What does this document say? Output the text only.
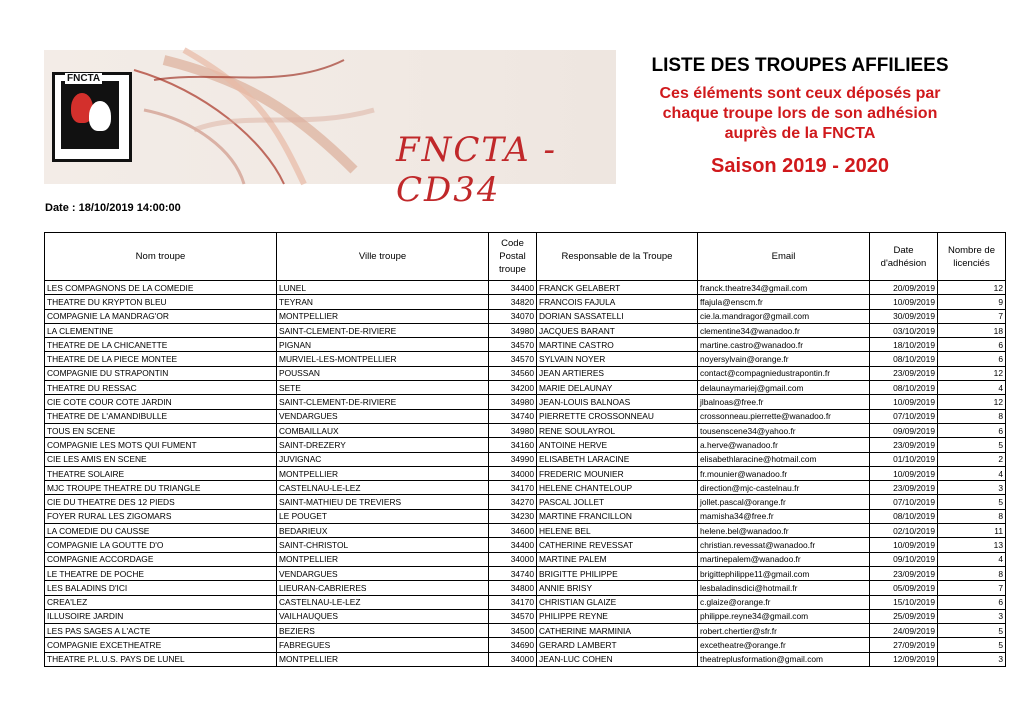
FNCTA
FNCTA - CD34

LISTE DES TROUPES AFFILIEES

Ces éléments sont ceux déposés par chaque troupe lors de son adhésion auprès de la FNCTA

Saison 2019 - 2020

Date : 18/10/2019 14:00:00
Nom troupe	Ville troupe	Code Postal troupe	Responsable de la Troupe	Email	Date d'adhésion	Nombre de licenciés
LES COMPAGNONS DE LA COMEDIE	LUNEL	34400	FRANCK GELABERT	franck.theatre34@gmail.com	20/09/2019	12
THEATRE DU KRYPTON BLEU	TEYRAN	34820	FRANCOIS FAJULA	ffajula@enscm.fr	10/09/2019	9
COMPAGNIE LA MANDRAG'OR	MONTPELLIER	34070	DORIAN SASSATELLI	cie.la.mandragor@gmail.com	30/09/2019	7
LA CLEMENTINE	SAINT-CLEMENT-DE-RIVIERE	34980	JACQUES BARANT	clementine34@wanadoo.fr	03/10/2019	18
THEATRE DE LA CHICANETTE	PIGNAN	34570	MARTINE CASTRO	martine.castro@wanadoo.fr	18/10/2019	6
THEATRE DE LA PIECE MONTEE	MURVIEL-LES-MONTPELLIER	34570	SYLVAIN NOYER	noyersylvain@orange.fr	08/10/2019	6
COMPAGNIE DU STRAPONTIN	POUSSAN	34560	JEAN ARTIERES	contact@compagniedustrapontin.fr	23/09/2019	12
THEATRE DU RESSAC	SETE	34200	MARIE DELAUNAY	delaunaymariej@gmail.com	08/10/2019	4
CIE COTE COUR COTE JARDIN	SAINT-CLEMENT-DE-RIVIERE	34980	JEAN-LOUIS BALNOAS	jlbalnoas@free.fr	10/09/2019	12
THEATRE DE L'AMANDIBULLE	VENDARGUES	34740	PIERRETTE CROSSONNEAU	crossonneau.pierrette@wanadoo.fr	07/10/2019	8
TOUS EN SCENE	COMBAILLAUX	34980	RENE SOULAYROL	tousenscene34@yahoo.fr	09/09/2019	6
COMPAGNIE LES MOTS QUI FUMENT	SAINT-DREZERY	34160	ANTOINE HERVE	a.herve@wanadoo.fr	23/09/2019	5
CIE LES AMIS EN SCENE	JUVIGNAC	34990	ELISABETH LARACINE	elisabethlaracine@hotmail.com	01/10/2019	2
THEATRE SOLAIRE	MONTPELLIER	34000	FREDERIC MOUNIER	fr.mounier@wanadoo.fr	10/09/2019	4
MJC TROUPE THEATRE DU TRIANGLE	CASTELNAU-LE-LEZ	34170	HELENE CHANTELOUP	direction@mjc-castelnau.fr	23/09/2019	3
CIE DU THEATRE DES 12 PIEDS	SAINT-MATHIEU DE TREVIERS	34270	PASCAL JOLLET	jollet.pascal@orange.fr	07/10/2019	5
FOYER RURAL LES ZIGOMARS	LE POUGET	34230	MARTINE FRANCILLON	mamisha34@free.fr	08/10/2019	8
LA COMEDIE DU CAUSSE	BEDARIEUX	34600	HELENE BEL	helene.bel@wanadoo.fr	02/10/2019	11
COMPAGNIE LA GOUTTE D'O	SAINT-CHRISTOL	34400	CATHERINE REVESSAT	christian.revessat@wanadoo.fr	10/09/2019	13
COMPAGNIE ACCORDAGE	MONTPELLIER	34000	MARTINE PALEM	martinepalem@wanadoo.fr	09/10/2019	4
LE THEATRE DE POCHE	VENDARGUES	34740	BRIGITTE PHILIPPE	brigittephilippe11@gmail.com	23/09/2019	8
LES BALADINS D'ICI	LIEURAN-CABRIERES	34800	ANNIE BRISY	lesbaladinsdici@hotmail.fr	05/09/2019	7
CREA'LEZ	CASTELNAU-LE-LEZ	34170	CHRISTIAN GLAIZE	c.glaize@orange.fr	15/10/2019	6
ILLUSOIRE JARDIN	VAILHAUQUES	34570	PHILIPPE REYNE	philippe.reyne34@gmail.com	25/09/2019	3
LES PAS SAGES A L'ACTE	BEZIERS	34500	CATHERINE MARMINIA	robert.chertier@sfr.fr	24/09/2019	5
COMPAGNIE EXCETHEATRE	FABREGUES	34690	GERARD LAMBERT	excetheatre@orange.fr	27/09/2019	5
THEATRE P.L.U.S. PAYS DE LUNEL	MONTPELLIER	34000	JEAN-LUC COHEN	theatreplusformation@gmail.com	12/09/2019	3
